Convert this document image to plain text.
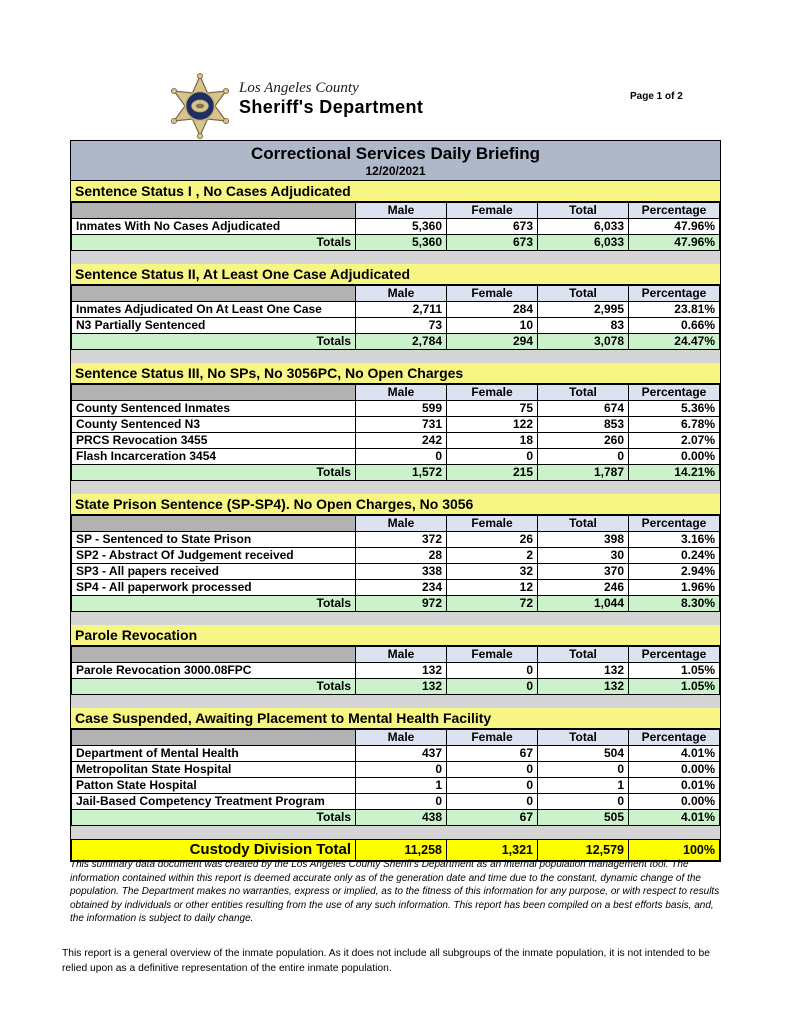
Los Angeles County
Sheriff's Department
Page 1 of 2
Correctional Services Daily Briefing
12/20/2021
Sentence Status I , No Cases Adjudicated
	Male	Female	Total	Percentage
Inmates With No Cases Adjudicated	5,360	673	6,033	47.96%
Totals	5,360	673	6,033	47.96%
Sentence Status II, At Least One Case Adjudicated
	Male	Female	Total	Percentage
Inmates Adjudicated On At Least One Case	2,711	284	2,995	23.81%
N3 Partially Sentenced	73	10	83	0.66%
Totals	2,784	294	3,078	24.47%
Sentence Status III, No SPs, No 3056PC, No Open Charges
	Male	Female	Total	Percentage
County Sentenced Inmates	599	75	674	5.36%
County Sentenced N3	731	122	853	6.78%
PRCS Revocation 3455	242	18	260	2.07%
Flash Incarceration 3454	0	0	0	0.00%
Totals	1,572	215	1,787	14.21%
State Prison Sentence (SP-SP4). No Open Charges, No 3056
	Male	Female	Total	Percentage
SP - Sentenced to State Prison	372	26	398	3.16%
SP2 - Abstract Of Judgement received	28	2	30	0.24%
SP3 - All papers received	338	32	370	2.94%
SP4 - All paperwork processed	234	12	246	1.96%
Totals	972	72	1,044	8.30%
Parole Revocation
	Male	Female	Total	Percentage
Parole Revocation 3000.08FPC	132	0	132	1.05%
Totals	132	0	132	1.05%
Case Suspended, Awaiting Placement to Mental Health Facility
	Male	Female	Total	Percentage
Department of Mental Health	437	67	504	4.01%
Metropolitan State Hospital	0	0	0	0.00%
Patton State Hospital	1	0	1	0.01%
Jail-Based Competency Treatment Program	0	0	0	0.00%
Totals	438	67	505	4.01%
Custody Division Total	11,258	1,321	12,579	100%

This summary data document was created by the Los Angeles County Sheriff's Department as an internal population management tool. The information contained within this report is deemed accurate only as of the generation date and time due to the constant, dynamic change of the population. The Department makes no warranties, express or implied, as to the fitness of this information for any purpose, or with respect to results obtained by individuals or other entities resulting from the use of any such information. This report has been compiled on a best efforts basis, and, the information is subject to daily change.

This report is a general overview of the inmate population. As it does not include all subgroups of the inmate population, it is not intended to be relied upon as a definitive representation of the entire inmate population.
